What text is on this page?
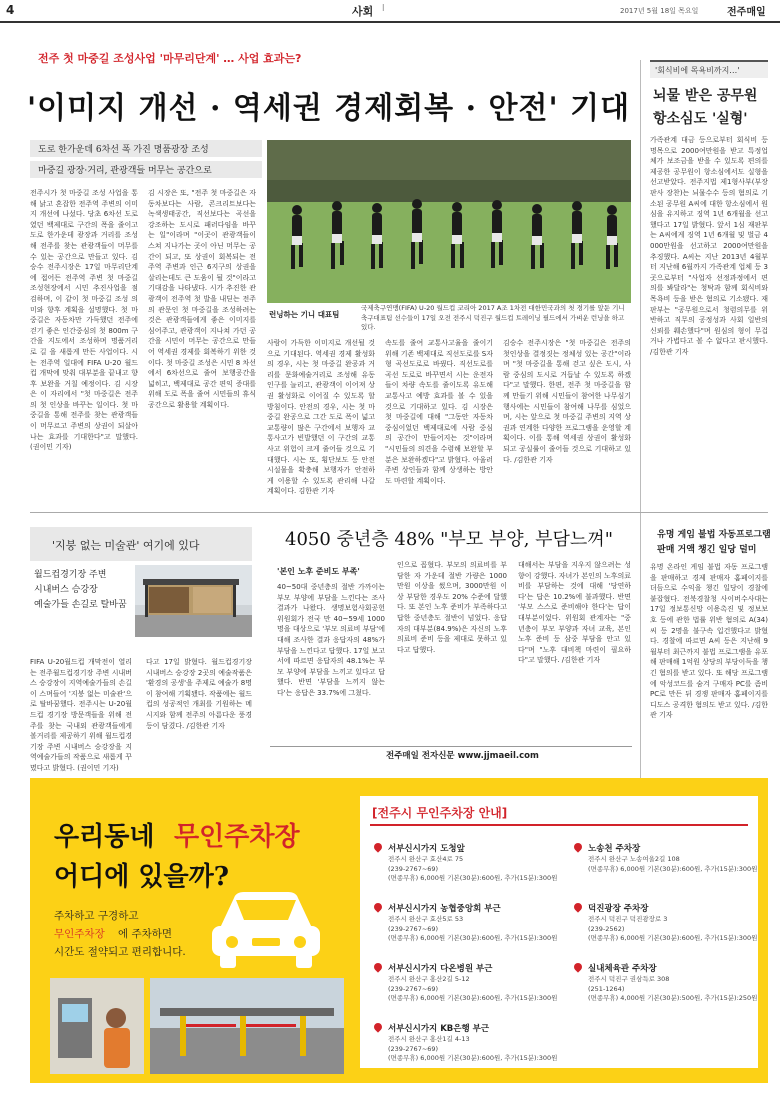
4	사회 l	2017년 5월 18일 목요일	전주매일
전주 첫 마중길 조성사업 '마무리단계' … 사업 효과는?
'이미지 개선 · 역세권 경제회복 · 안전' 기대
도로 한가운데 6차선 폭 가진 명품광장 조성
마중길 광장·거리, 관광객들 머무는 공간으로
전주시가 첫 마중길 조성 사업을 통해 낡고 혼잡한 전주역 주변의 이미지 개선에 나섰다. 당초 6차선 도로였던 백제대로 구간의 폭을 줄이고 도로 한가운데 광장과 거리를 조성해 전주를 찾는 관광객들이 머무를 수 있는 공간으로 만들고 있다. 김승수 전주시장은 17일 마무리단계에 접어든 전주역 주변 첫 마중길 조성현장에서 시민 추진사업을 점검하며, 이 같이 첫 마중길 조성 의미와 향후 계획을 설명했다. 첫 마중길은 자동차만 가득했던 전주에 걷기 좋은 인간중심의 첫 800m 구간을 지도에서 조성하며 명품거리로 길 을 새롭게 만든 사업이다. 시는 전주역 일대에 FIFA U-20 월드컵 개막에 맞춰 대부분을 끝내고 향후 보완을 거칠 예정이다. 김 시장은 이 자리에서 "첫 마중길은 전주의 첫 인상을 바꾸는 일이다. 첫 마중길을 통해 전주를 찾는 관광객들이 머무르고 주변의 상권이 되살아나는 효과를 기대한다"고 말했다. (권이민 기자)
김 시장은 또, "전주 첫 마중길은 자동차보다는 사람, 콘크리트보다는 녹색생태공간, 직선보다는 곡선을 강조하는 도시로 패러다임을 바꾸는 일"이라며 "이곳이 관광객들이 스쳐 지나가는 곳이 아닌 머무는 공간이 되고, 또 상권이 회복되는 전주역 주변과 인근 6지구의 상권을 살리는데도 큰 도움이 될 것"이라고 기대감을 나타냈다. 시가 추진한 관광객이 전주역 첫 발을 내딛는 전주의 관문인 첫 마중길을 조성하려는 것은 관광객들에게 좋은 이미지를 심어주고, 관광객이 지나쳐 가던 공간을 시민이 머무는 공간으로 만들어 역세권 경제를 회복하기 위한 것이다. 첫 마중길 조성은 시민 8 차선에서 6차선으로 줄여 보행공간을 넓히고, 백제대로 공간 편익 증대를 위해 도로 폭을 줄여 시민들의 휴식 공간으로 활용할 계획이다.
런닝하는 기니 대표팀
국제축구연맹(FIFA) U-20 월드컵 코리아 2017 A조 1차전 대한민국과의 첫 경기를 앞둔 기니 축구대표팀 선수들이 17일 오전 전주시 덕진구 월드컵 트레이닝 필드에서 가벼운 런닝을 하고 있다.
사람이 가득한 이미지로 개선될 것으로 기대된다. 역세권 경제 활성화의 경우, 시는 첫 마중길 완공과 거리를 문화예술거리로 조성해 유동인구를 늘리고, 관광객이 이어져 상권 활성화로 이어질 수 있도록 할 방침이다. 안전의 경우, 시는 첫 마중길 완공으로 그간 도로 폭이 넓고 교통량이 많은 구간에서 보행자 교통사고가 빈발했던 이 구간의 교통사고 위험이 크게 줄어들 것으로 기대했다. 시는 또, 횡단보도 등 안전시설물을 확충해 보행자가 안전하게 이용할 수 있도록 관리해 나갈 계획이다. 김한관 기자
속도를 줄여 교통사고율을 줄이기 위해 기존 백제대로 직선도로를 S자형 곡선도로로 바꿨다. 직선도로를 곡선 도로로 바꾸면서 시는 운전자들이 차량 속도를 줄이도록 유도해 교통사고 예방 효과를 볼 수 있을 것으로 기대하고 있다. 김 시장은 첫 마중길에 대해 "그동안 자동차 중심이었던 백제대로에 사람 중심의 공간이 만들어지는 것"이라며 "시민들의 의견을 수렴해 보완할 부분은 보완하겠다"고 밝혔다. 아울러 주변 상인들과 함께 상생하는 방안도 마련할 계획이다.
김승수 전주시장은 "첫 마중길은 전주의 첫인상을 결정짓는 정체성 있는 공간"이라며 "첫 마중길을 통해 걷고 싶은 도시, 사람 중심의 도시로 거듭날 수 있도록 하겠다"고 말했다. 한편, 전주 첫 마중길을 함께 만들기 위해 시민들이 참여한 나무심기 행사에는 시민들이 참여해 나무를 심었으며, 시는 앞으로 첫 마중길 주변의 지역 상권과 연계한 다양한 프로그램을 운영할 계획이다. 이를 통해 역세권 상권이 활성화되고 공실률이 줄어들 것으로 기대하고 있다. /김한관 기자
'회식비에 목욕비까지…'
뇌물 받은 공무원
항소심도 '실형'
가족관계 대금 등으로부터 회식비 등 명목으로 2000여만원을 받고 특정업체가 보조금을 받을 수 있도록 편의를 제공한 공무원이 항소심에서도 실형을 선고받았다. 전주지법 제1형사부(부장판사 장찬)는 뇌물수수 등의 혐의로 기소된 공무원 A씨에 대한 항소심에서 원심을 유지하고 징역 1년 6개월을 선고했다고 17일 밝혔다. 앞서 1심 재판부는 A씨에게 징역 1년 6개월 및 벌금 4000만원을 선고하고 2000여만원을 추징했다. A씨는 지난 2013년 4월부터 지난해 6월까지 가족관계 업체 등 3곳으로부터 "사업자 선정과정에서 편의를 봐달라"는 청탁과 함께 회식비와 목욕비 등을 받은 혐의로 기소됐다. 재판부는 "공무원으로서 청렴의무를 위반하고 직무의 공정성과 사회 일반의 신뢰를 훼손했다"며 원심의 형이 무겁거나 가볍다고 볼 수 없다고 판시했다. /김한관 기자
유명 게임 불법 자동프로그램
판매 거액 챙긴 일당 덜미
유명 온라인 게임 불법 자동 프로그램을 판매하고 경제 판매자 홈페이지를 더듬으로 수익을 챙긴 일당이 경찰에 붙잡혔다. 전북경찰청 사이버수사대는 17일 정보통신망 이용촉진 및 정보보호 등에 관한 법률 위반 혐의로 A(34)씨 등 2명을 불구속 입건했다고 밝혔다. 경찰에 따르면 A씨 등은 지난해 9월부터 최근까지 불법 프로그램을 유포해 판매해 1억원 상당의 부당이득을 챙긴 혐의를 받고 있다. 또 해당 프로그램에 악성코드를 숨겨 구매자 PC를 좀비PC로 만든 뒤 경쟁 판매자 홈페이지를 디도스 공격한 혐의도 받고 있다. /김한관 기자
'지붕 없는 미술관' 여기에 있다
월드컵경기장 주변
시내버스 승강장
예술가들 손길로 탈바꿈
FIFA U-20월드컵 개막전이 열리는 전주월드컵경기장 주변 시내버스 승강장이 지역예술가들의 손길이 스며들어 '지붕 없는 미술관'으로 탈바꿈했다. 전주시는 U-20월드컵 경기장 방문객들을 위해 전주를 찾는 국내외 관광객들에게 볼거리를 제공하기 위해 월드컵경기장 주변 시내버스 승강장을 지역예술가들의 작품으로 새롭게 꾸몄다고 밝혔다. (권이민 기자)
다고 17일 밝혔다. 월드컵경기장 시내버스 승강장 2곳의 예술작품은 '환경의 공생'을 주제로 예술가 8명이 참여해 기획됐다. 작품에는 월드컵의 성공적인 개최를 기원하는 메시지와 함께 전주의 아름다운 풍경 등이 담겼다. /김한관 기자
4050 중년층 48% "부모 부양, 부담느껴"
'본인 노후 준비도 부족'
40~50대 중년층의 절반 가까이는 부모 부양에 부담을 느낀다는 조사 결과가 나왔다. 생명보험사회공헌위원회가 전국 만 40~59세 1000명을 대상으로 '부모 의료비 부담'에 대해 조사한 결과 응답자의 48%가 부담을 느낀다고 답했다. 17일 보고서에 따르면 응답자의 48.1%는 부모 부양에 부담을 느끼고 있다고 답했다. 반면 '부담을 느끼지 않는다'는 응답은 33.7%에 그쳤다.
인으로 꼽혔다. 부모의 의료비를 부담한 자 가운데 절반 가량은 1000만원 이상을 썼으며, 3000만원 이상 부담한 경우도 20% 수준에 달했다. 또 본인 노후 준비가 부족하다고 답한 중년층도 절반이 넘었다. 응답자의 대부분(84.9%)은 자신의 노후 의료비 준비 등을 제대로 못하고 있다고 답했다.
대해서는 부담을 지우지 않으려는 성향이 강했다. 자녀가 본인의 노후의료비를 부담하는 것에 대해 '당연하다'는 답은 10.2%에 불과했다. 반면 '부모 스스로 준비해야 한다'는 답이 대부분이었다. 위원회 관계자는 "중년층이 부모 부양과 자녀 교육, 본인 노후 준비 등 삼중 부담을 안고 있다"며 "노후 대비책 마련이 필요하다"고 말했다. /김한관 기자
전주매일 전자신문 www.jjmaeil.com
우리동네 무인주차장
어디에 있을까?
주차하고 구경하고
무인주차장 에 주차하면
시간도 절약되고 편리합니다.
[전주시 무인주차장 안내]
서부신시가지 도청앞
전주시 완산구 효산4로 75
(239-2767~69)
(면종무휴) 6,000원 기본(30분):600원, 추가(15분):300원
서부신시가지 농협중앙회 부근
전주시 완산구 효산5로 53
(239-2767~69)
(면종무휴) 6,000원 기본(30분):600원, 추가(15분):300원
서부신시가지 다온병원 부근
전주시 완산구 홍산2길 5-12
(239-2767~69)
(면종무휴) 6,000원 기본(30분):600원, 추가(15분):300원
서부신시가지 KB은행 부근
전주시 완산구 홍산1길 4-13
(239-2767~69)
(면종무휴) 6,000원 기본(30분):600원, 추가(15분):300원
노송천 주차장
전주시 완산구 노송여울2길 108
(면종무휴) 6,000원 기본(30분):600원, 추가(15분):300원
덕진광장 주차장
전주시 덕진구 덕진광장로 3
(239-2562)
(면종무휴) 6,000원 기본(30분):600원, 추가(15분):300원
실내체육관 주차장
전주시 덕진구 권삼득로 308
(251-1264)
(면종무휴) 4,000원 기본(30분):500원, 추가(15분):250원
